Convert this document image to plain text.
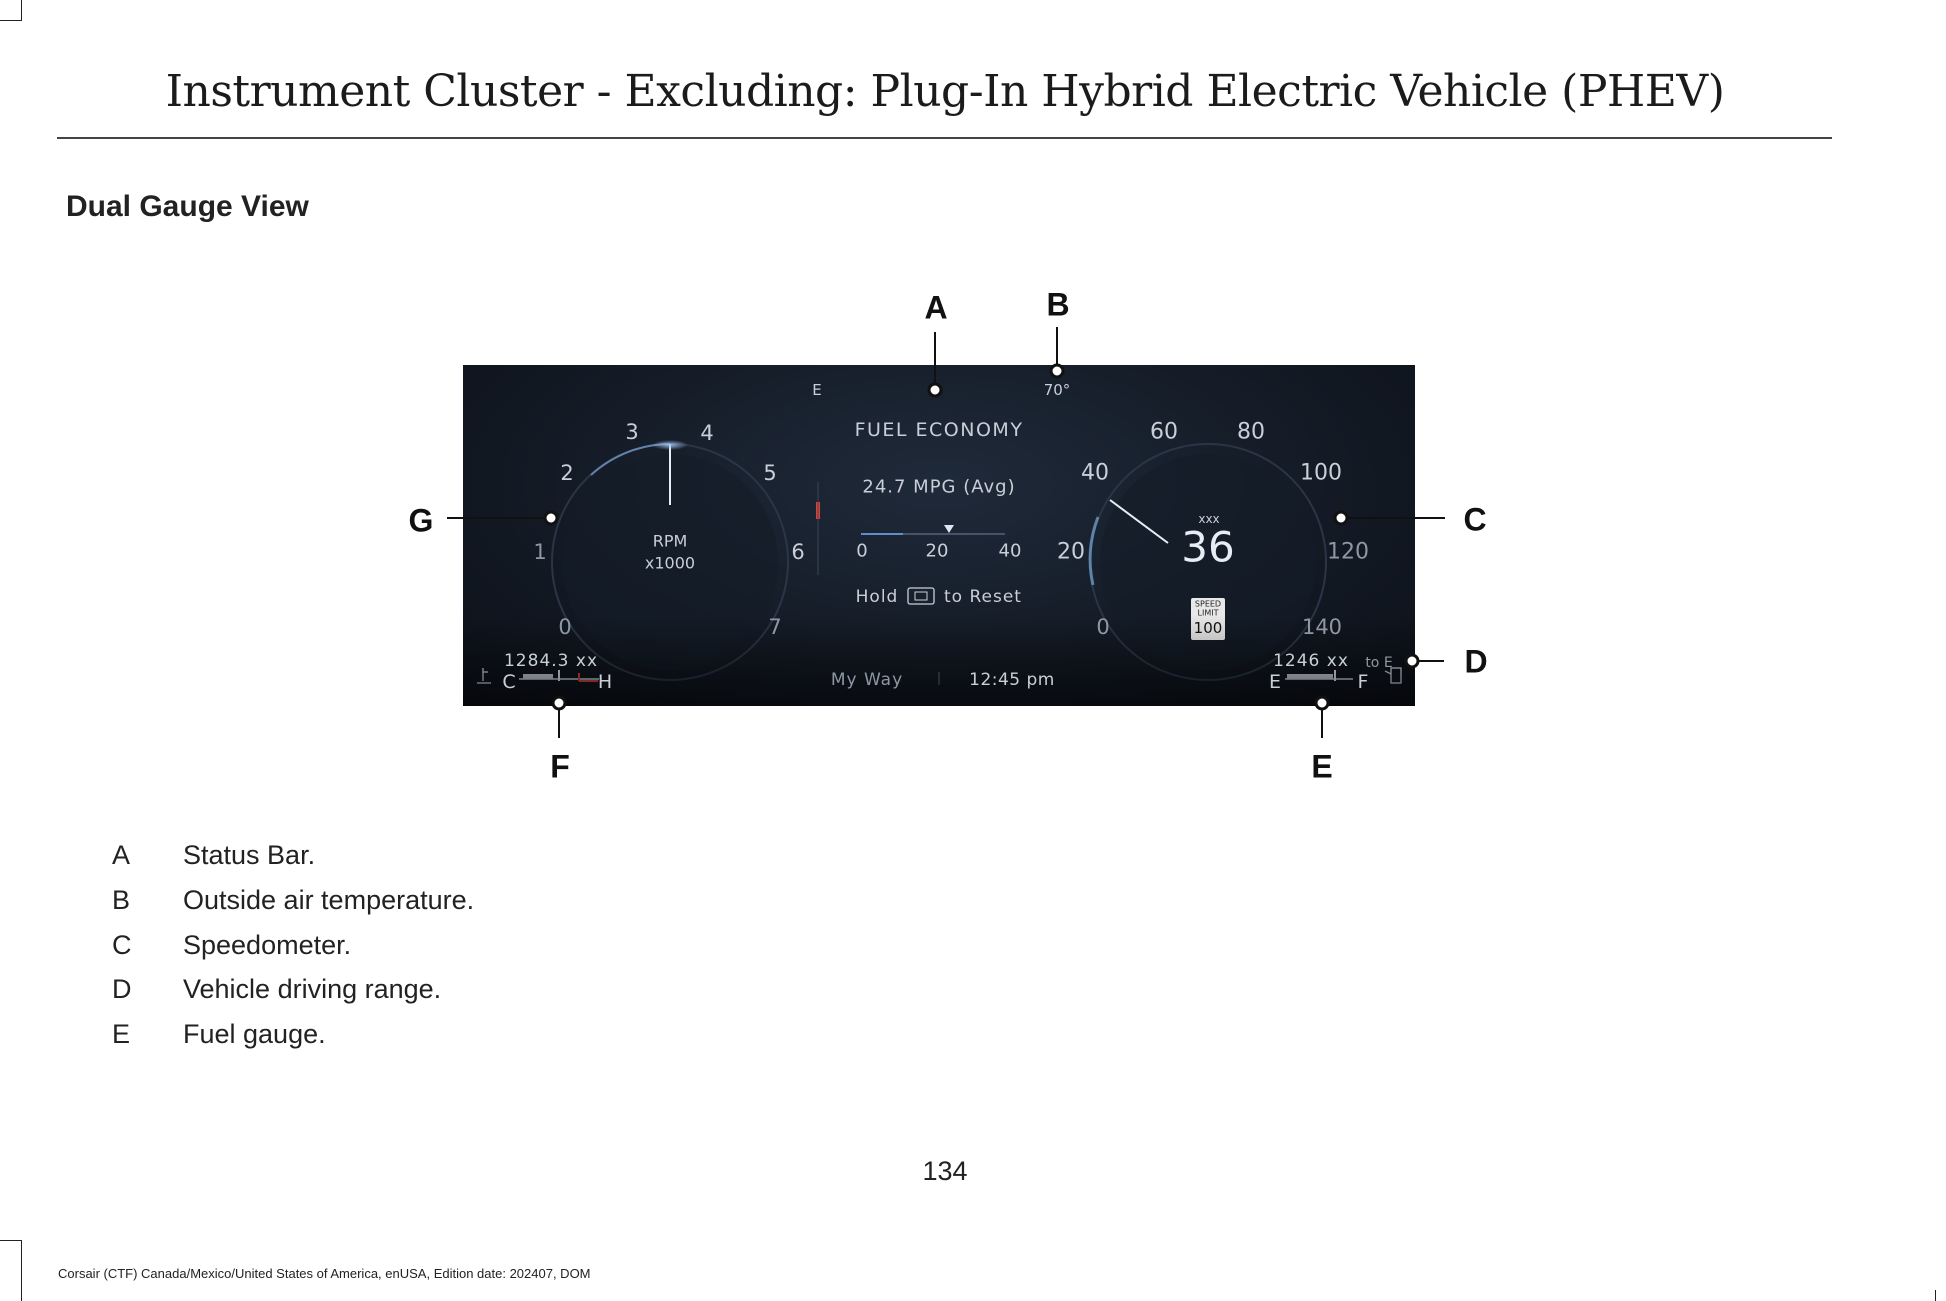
Instrument Cluster - Excluding: Plug-In Hybrid Electric Vehicle (PHEV)
Dual Gauge View
E	70°
FUEL ECONOMY
24.7 MPG (Avg)
0	20	40
Hold	to Reset
0
1
2
3	4
5
6
7
RPM
x1000
0
20
40
60	80
100
120
140
xxx
36
SPEED
LIMIT
100
1284.3 xx
C	H	My Way	12:45 pm
1246 xx to E
E	F
A	B
C
D
E
F
G
A Status Bar.
B Outside air temperature.
C Speedometer.
D Vehicle driving range.
E Fuel gauge.
134
Corsair (CTF) Canada/Mexico/United States of America, enUSA, Edition date: 202407, DOM
